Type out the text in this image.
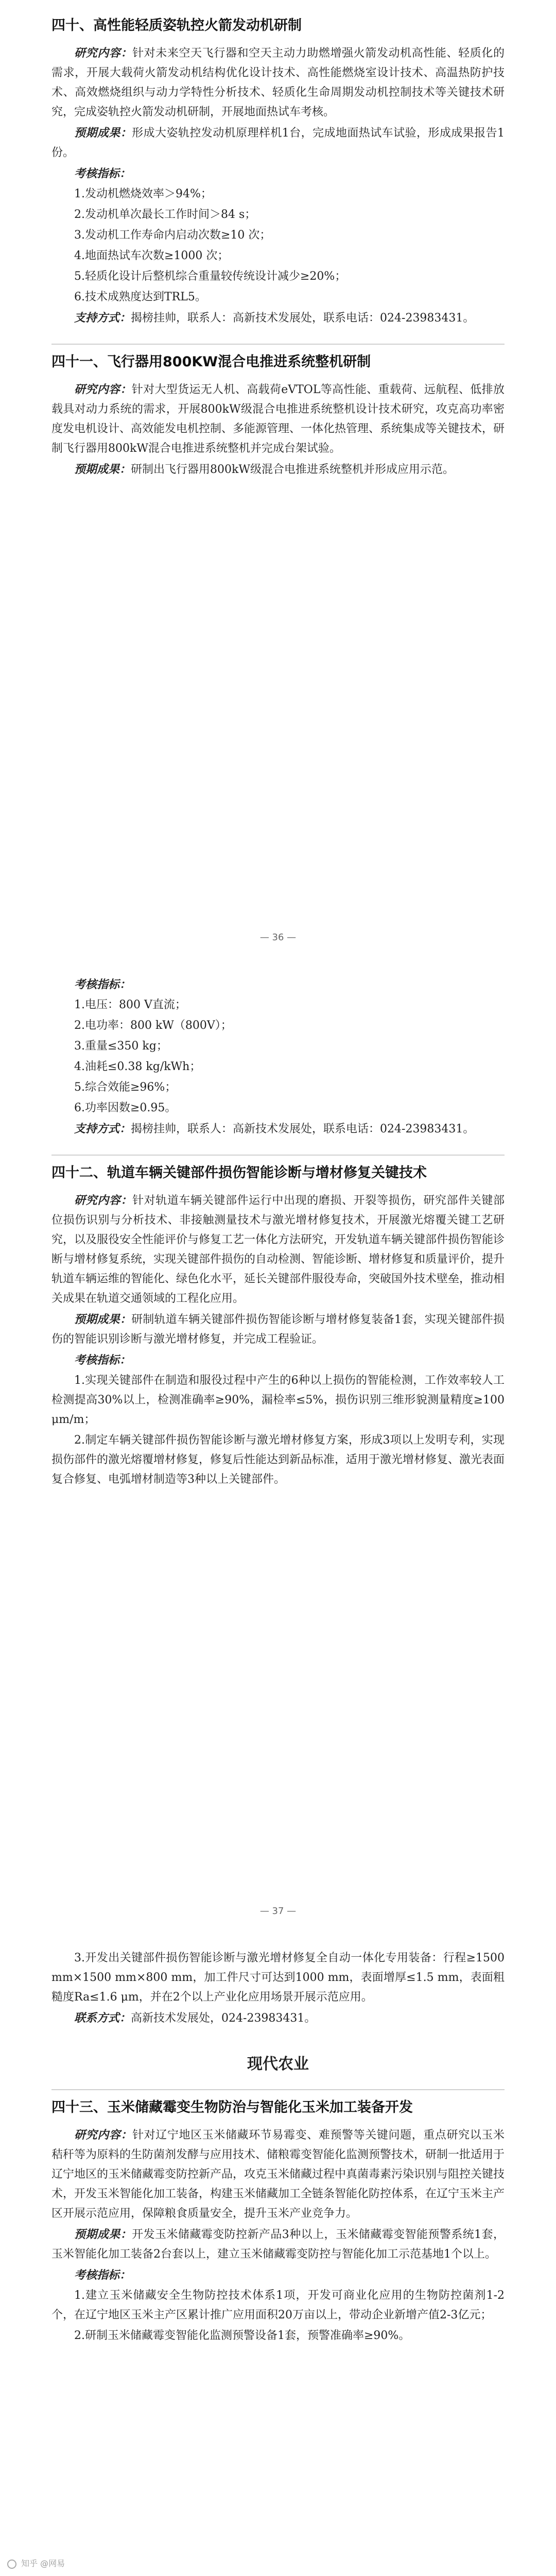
四十、高性能轻质姿轨控火箭发动机研制

研究内容：针对未来空天飞行器和空天主动力助燃增强火箭发动机高性能、轻质化的需求，开展大载荷火箭发动机结构优化设计技术、高性能燃烧室设计技术、高温热防护技术、高效燃烧组织与动力学特性分析技术、轻质化生命周期发动机控制技术等关键技术研究，完成姿轨控火箭发动机研制，开展地面热试车考核。

预期成果：形成大姿轨控发动机原理样机1台，完成地面热试车试验，形成成果报告1份。

考核指标：

1.发动机燃烧效率＞94%；

2.发动机单次最长工作时间＞84 s；

3.发动机工作寿命内启动次数≥10 次；

4.地面热试车次数≥1000 次；

5.轻质化设计后整机综合重量较传统设计减少≥20%；

6.技术成熟度达到TRL5。

支持方式：揭榜挂帅，联系人：高新技术发展处，联系电话：024-23983431。

四十一、飞行器用800KW混合电推进系统整机研制

研究内容：针对大型货运无人机、高载荷eVTOL等高性能、重载荷、远航程、低排放载具对动力系统的需求，开展800kW级混合电推进系统整机设计技术研究，攻克高功率密度发电机设计、高效能发电机控制、多能源管理、一体化热管理、系统集成等关键技术，研制飞行器用800kW混合电推进系统整机并完成台架试验。

预期成果：研制出飞行器用800kW级混合电推进系统整机并形成应用示范。

— 36 —

考核指标：

1.电压：800 V直流；

2.电功率：800 kW（800V）；

3.重量≤350 kg；

4.油耗≤0.38 kg/kWh；

5.综合效能≥96%；

6.功率因数≥0.95。

支持方式：揭榜挂帅，联系人：高新技术发展处，联系电话：024-23983431。

四十二、轨道车辆关键部件损伤智能诊断与增材修复关键技术

研究内容：针对轨道车辆关键部件运行中出现的磨损、开裂等损伤，研究部件关键部位损伤识别与分析技术、非接触测量技术与激光增材修复技术，开展激光熔覆关键工艺研究，以及服役安全性能评价与修复工艺一体化方法研究，开发轨道车辆关键部件损伤智能诊断与增材修复系统，实现关键部件损伤的自动检测、智能诊断、增材修复和质量评价，提升轨道车辆运维的智能化、绿色化水平，延长关键部件服役寿命，突破国外技术壁垒，推动相关成果在轨道交通领域的工程化应用。

预期成果：研制轨道车辆关键部件损伤智能诊断与增材修复装备1套，实现关键部件损伤的智能识别诊断与激光增材修复，并完成工程验证。

考核指标：

1.实现关键部件在制造和服役过程中产生的6种以上损伤的智能检测，工作效率较人工检测提高30%以上，检测准确率≥90%，漏检率≤5%，损伤识别三维形貌测量精度≥100 μm/m；

2.制定车辆关键部件损伤智能诊断与激光增材修复方案，形成3项以上发明专利，实现损伤部件的激光熔覆增材修复，修复后性能达到新品标准，适用于激光增材修复、激光表面复合修复、电弧增材制造等3种以上关键部件。

— 37 —

3.开发出关键部件损伤智能诊断与激光增材修复全自动一体化专用装备：行程≥1500 mm×1500 mm×800 mm，加工件尺寸可达到1000 mm，表面增厚≤1.5 mm，表面粗糙度Ra≤1.6 μm，并在2个以上产业化应用场景开展示范应用。

联系方式：高新技术发展处，024-23983431。

现代农业
四十三、玉米储藏霉变生物防治与智能化玉米加工装备开发

研究内容：针对辽宁地区玉米储藏环节易霉变、难预警等关键问题，重点研究以玉米秸秆等为原料的生防菌剂发酵与应用技术、储粮霉变智能化监测预警技术，研制一批适用于辽宁地区的玉米储藏霉变防控新产品，攻克玉米储藏过程中真菌毒素污染识别与阻控关键技术，开发玉米智能化加工装备，构建玉米储藏加工全链条智能化防控体系，在辽宁玉米主产区开展示范应用，保障粮食质量安全，提升玉米产业竞争力。

预期成果：开发玉米储藏霉变防控新产品3种以上，玉米储藏霉变智能预警系统1套，玉米智能化加工装备2台套以上，建立玉米储藏霉变防控与智能化加工示范基地1个以上。

考核指标：

1.建立玉米储藏安全生物防控技术体系1项，开发可商业化应用的生物防控菌剂1-2个，在辽宁地区玉米主产区累计推广应用面积20万亩以上，带动企业新增产值2-3亿元；

2.研制玉米储藏霉变智能化监测预警设备1套，预警准确率≥90%。

知乎 @网易
